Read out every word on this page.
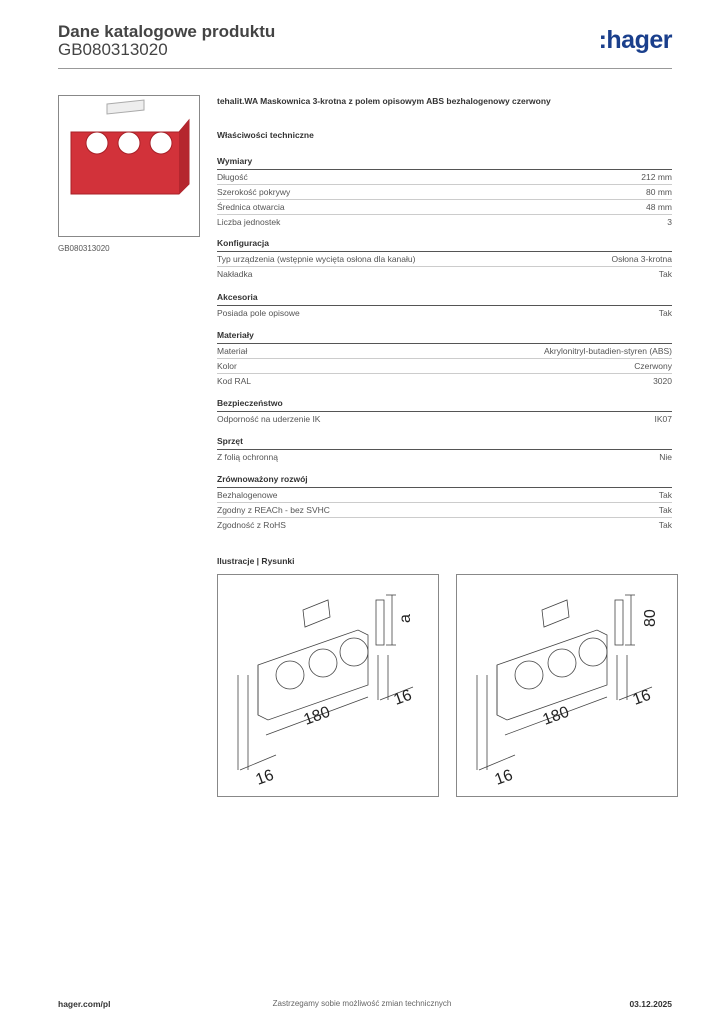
Dane katalogowe produktu
GB080313020	:hager
GB080313020
tehalit.WA Maskownica 3-krotna z polem opisowym ABS bezhalogenowy czerwony
Właściwości techniczne
Wymiary
Długość	212 mm
Szerokość pokrywy	80 mm
Średnica otwarcia	48 mm
Liczba jednostek	3
Konfiguracja
Typ urządzenia (wstępnie wycięta osłona dla kanału)	Osłona 3-krotna
Nakładka	Tak
Akcesoria
Posiada pole opisowe	Tak
Materiały
Materiał	Akrylonitryl-butadien-styren (ABS)
Kolor	Czerwony
Kod RAL	3020
Bezpieczeństwo
Odporność na uderzenie IK	IK07
Sprzęt
Z folią ochronną	Nie
Zrównoważony rozwój
Bezhalogenowe	Tak
Zgodny z REACh - bez SVHC	Tak
Zgodność z RoHS	Tak
Ilustracje | Rysunki
180
16
16
a
180
16
16
80
hager.com/pl	Zastrzegamy sobie możliwość zmian technicznych	03.12.2025
